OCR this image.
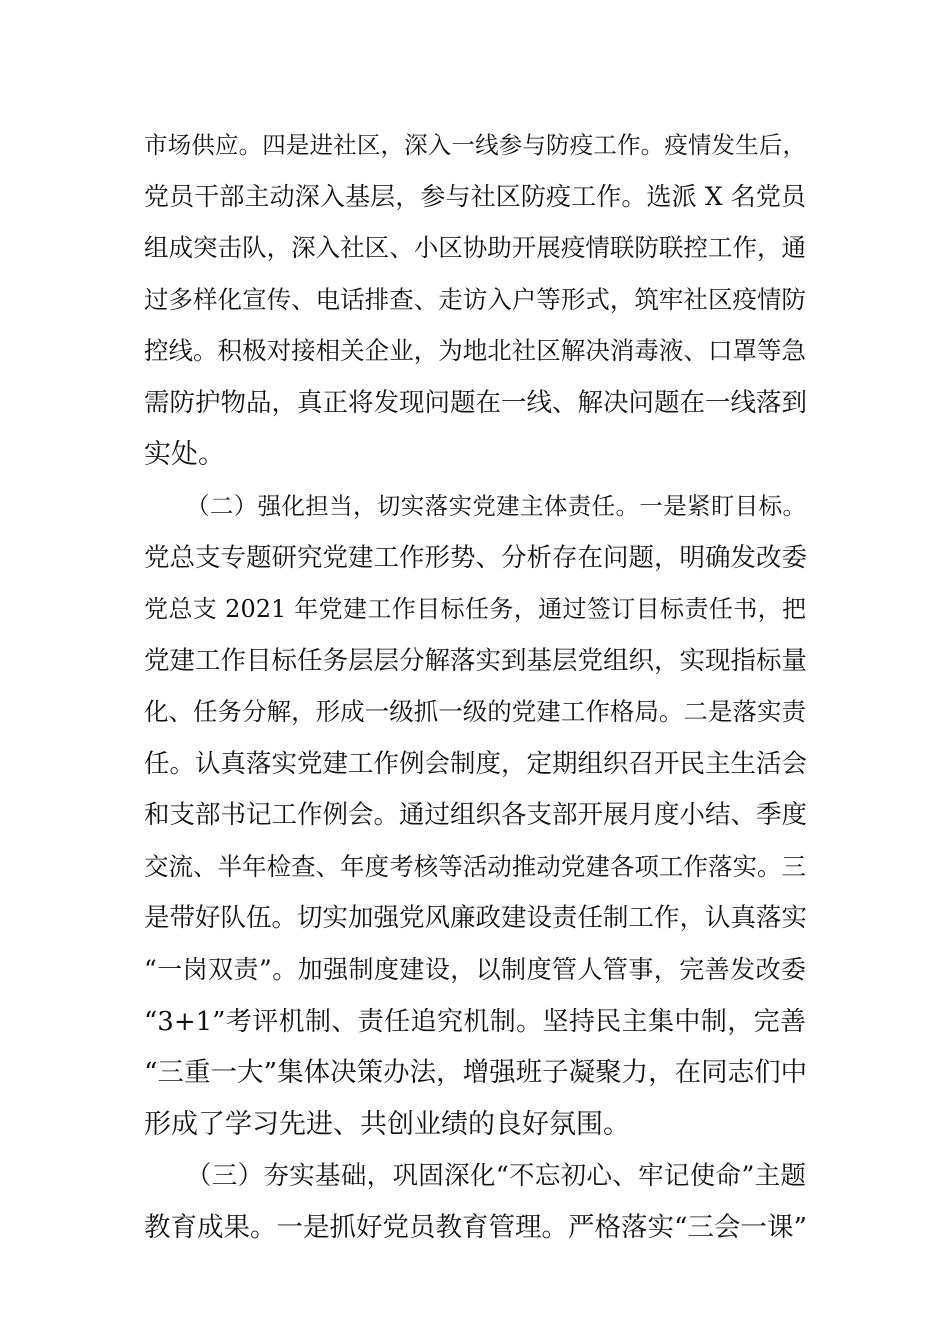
市场供应。四是进社区，深入一线参与防疫工作。疫情发生后，
党员干部主动深入基层，参与社区防疫工作。选派 X 名党员
组成突击队，深入社区、小区协助开展疫情联防联控工作，通
过多样化宣传、电话排查、走访入户等形式，筑牢社区疫情防
控线。积极对接相关企业，为地北社区解决消毒液、口罩等急
需防护物品，真正将发现问题在一线、解决问题在一线落到
实处。
（二）强化担当，切实落实党建主体责任。一是紧盯目标。
党总支专题研究党建工作形势、分析存在问题，明确发改委
党总支 2021 年党建工作目标任务，通过签订目标责任书，把
党建工作目标任务层层分解落实到基层党组织，实现指标量
化、任务分解，形成一级抓一级的党建工作格局。二是落实责
任。认真落实党建工作例会制度，定期组织召开民主生活会
和支部书记工作例会。通过组织各支部开展月度小结、季度
交流、半年检查、年度考核等活动推动党建各项工作落实。三
是带好队伍。切实加强党风廉政建设责任制工作，认真落实
“一岗双责”。加强制度建设，以制度管人管事，完善发改委
“3+1”考评机制、责任追究机制。坚持民主集中制，完善
“三重一大”集体决策办法，增强班子凝聚力，在同志们中
形成了学习先进、共创业绩的良好氛围。
（三）夯实基础，巩固深化“不忘初心、牢记使命”主题
教育成果。一是抓好党员教育管理。严格落实“三会一课”
